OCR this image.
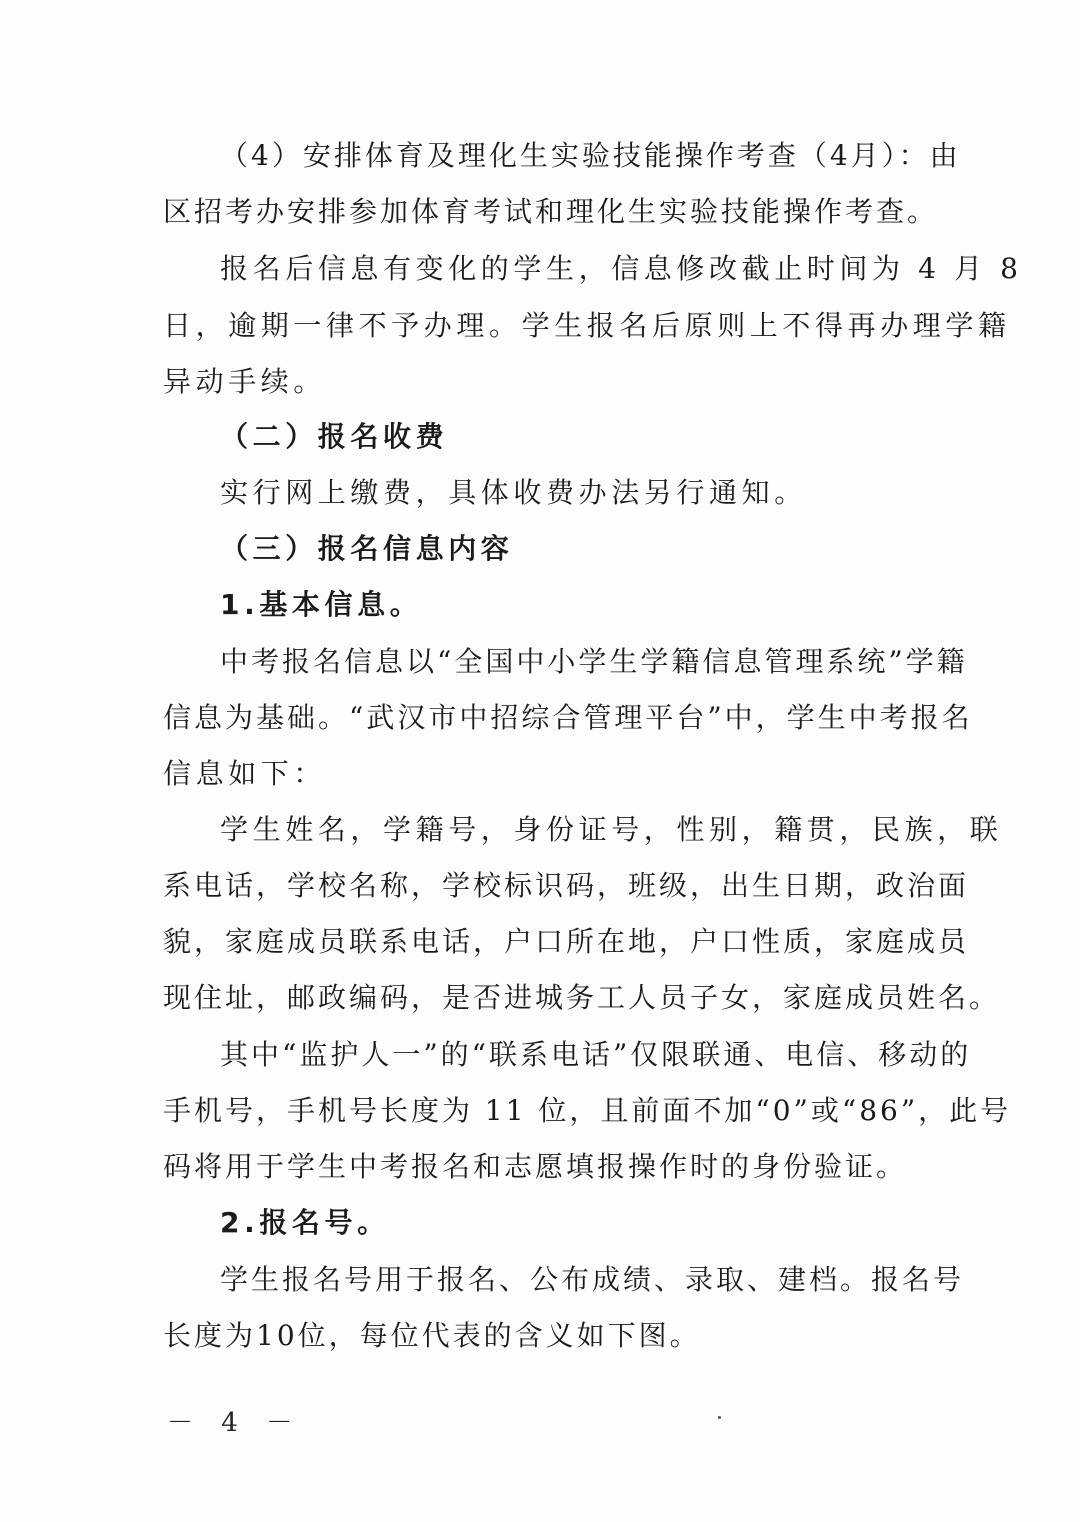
（4）安排体育及理化生实验技能操作考查（4月）：由
区招考办安排参加体育考试和理化生实验技能操作考查。
报名后信息有变化的学生，信息修改截止时间为 4 月 8
日，逾期一律不予办理。学生报名后原则上不得再办理学籍
异动手续。
（二）报名收费
实行网上缴费，具体收费办法另行通知。
（三）报名信息内容
1.基本信息。
中考报名信息以“全国中小学生学籍信息管理系统”学籍
信息为基础。“武汉市中招综合管理平台”中，学生中考报名
信息如下：
学生姓名，学籍号，身份证号，性别，籍贯，民族，联
系电话，学校名称，学校标识码，班级，出生日期，政治面
貌，家庭成员联系电话，户口所在地，户口性质，家庭成员
现住址，邮政编码，是否进城务工人员子女，家庭成员姓名。
其中“监护人一”的“联系电话”仅限联通、电信、移动的
手机号，手机号长度为 11 位，且前面不加“0”或“86”，此号
码将用于学生中考报名和志愿填报操作时的身份验证。
2.报名号。
学生报名号用于报名、公布成绩、录取、建档。报名号
长度为10位，每位代表的含义如下图。
－ 4 －
